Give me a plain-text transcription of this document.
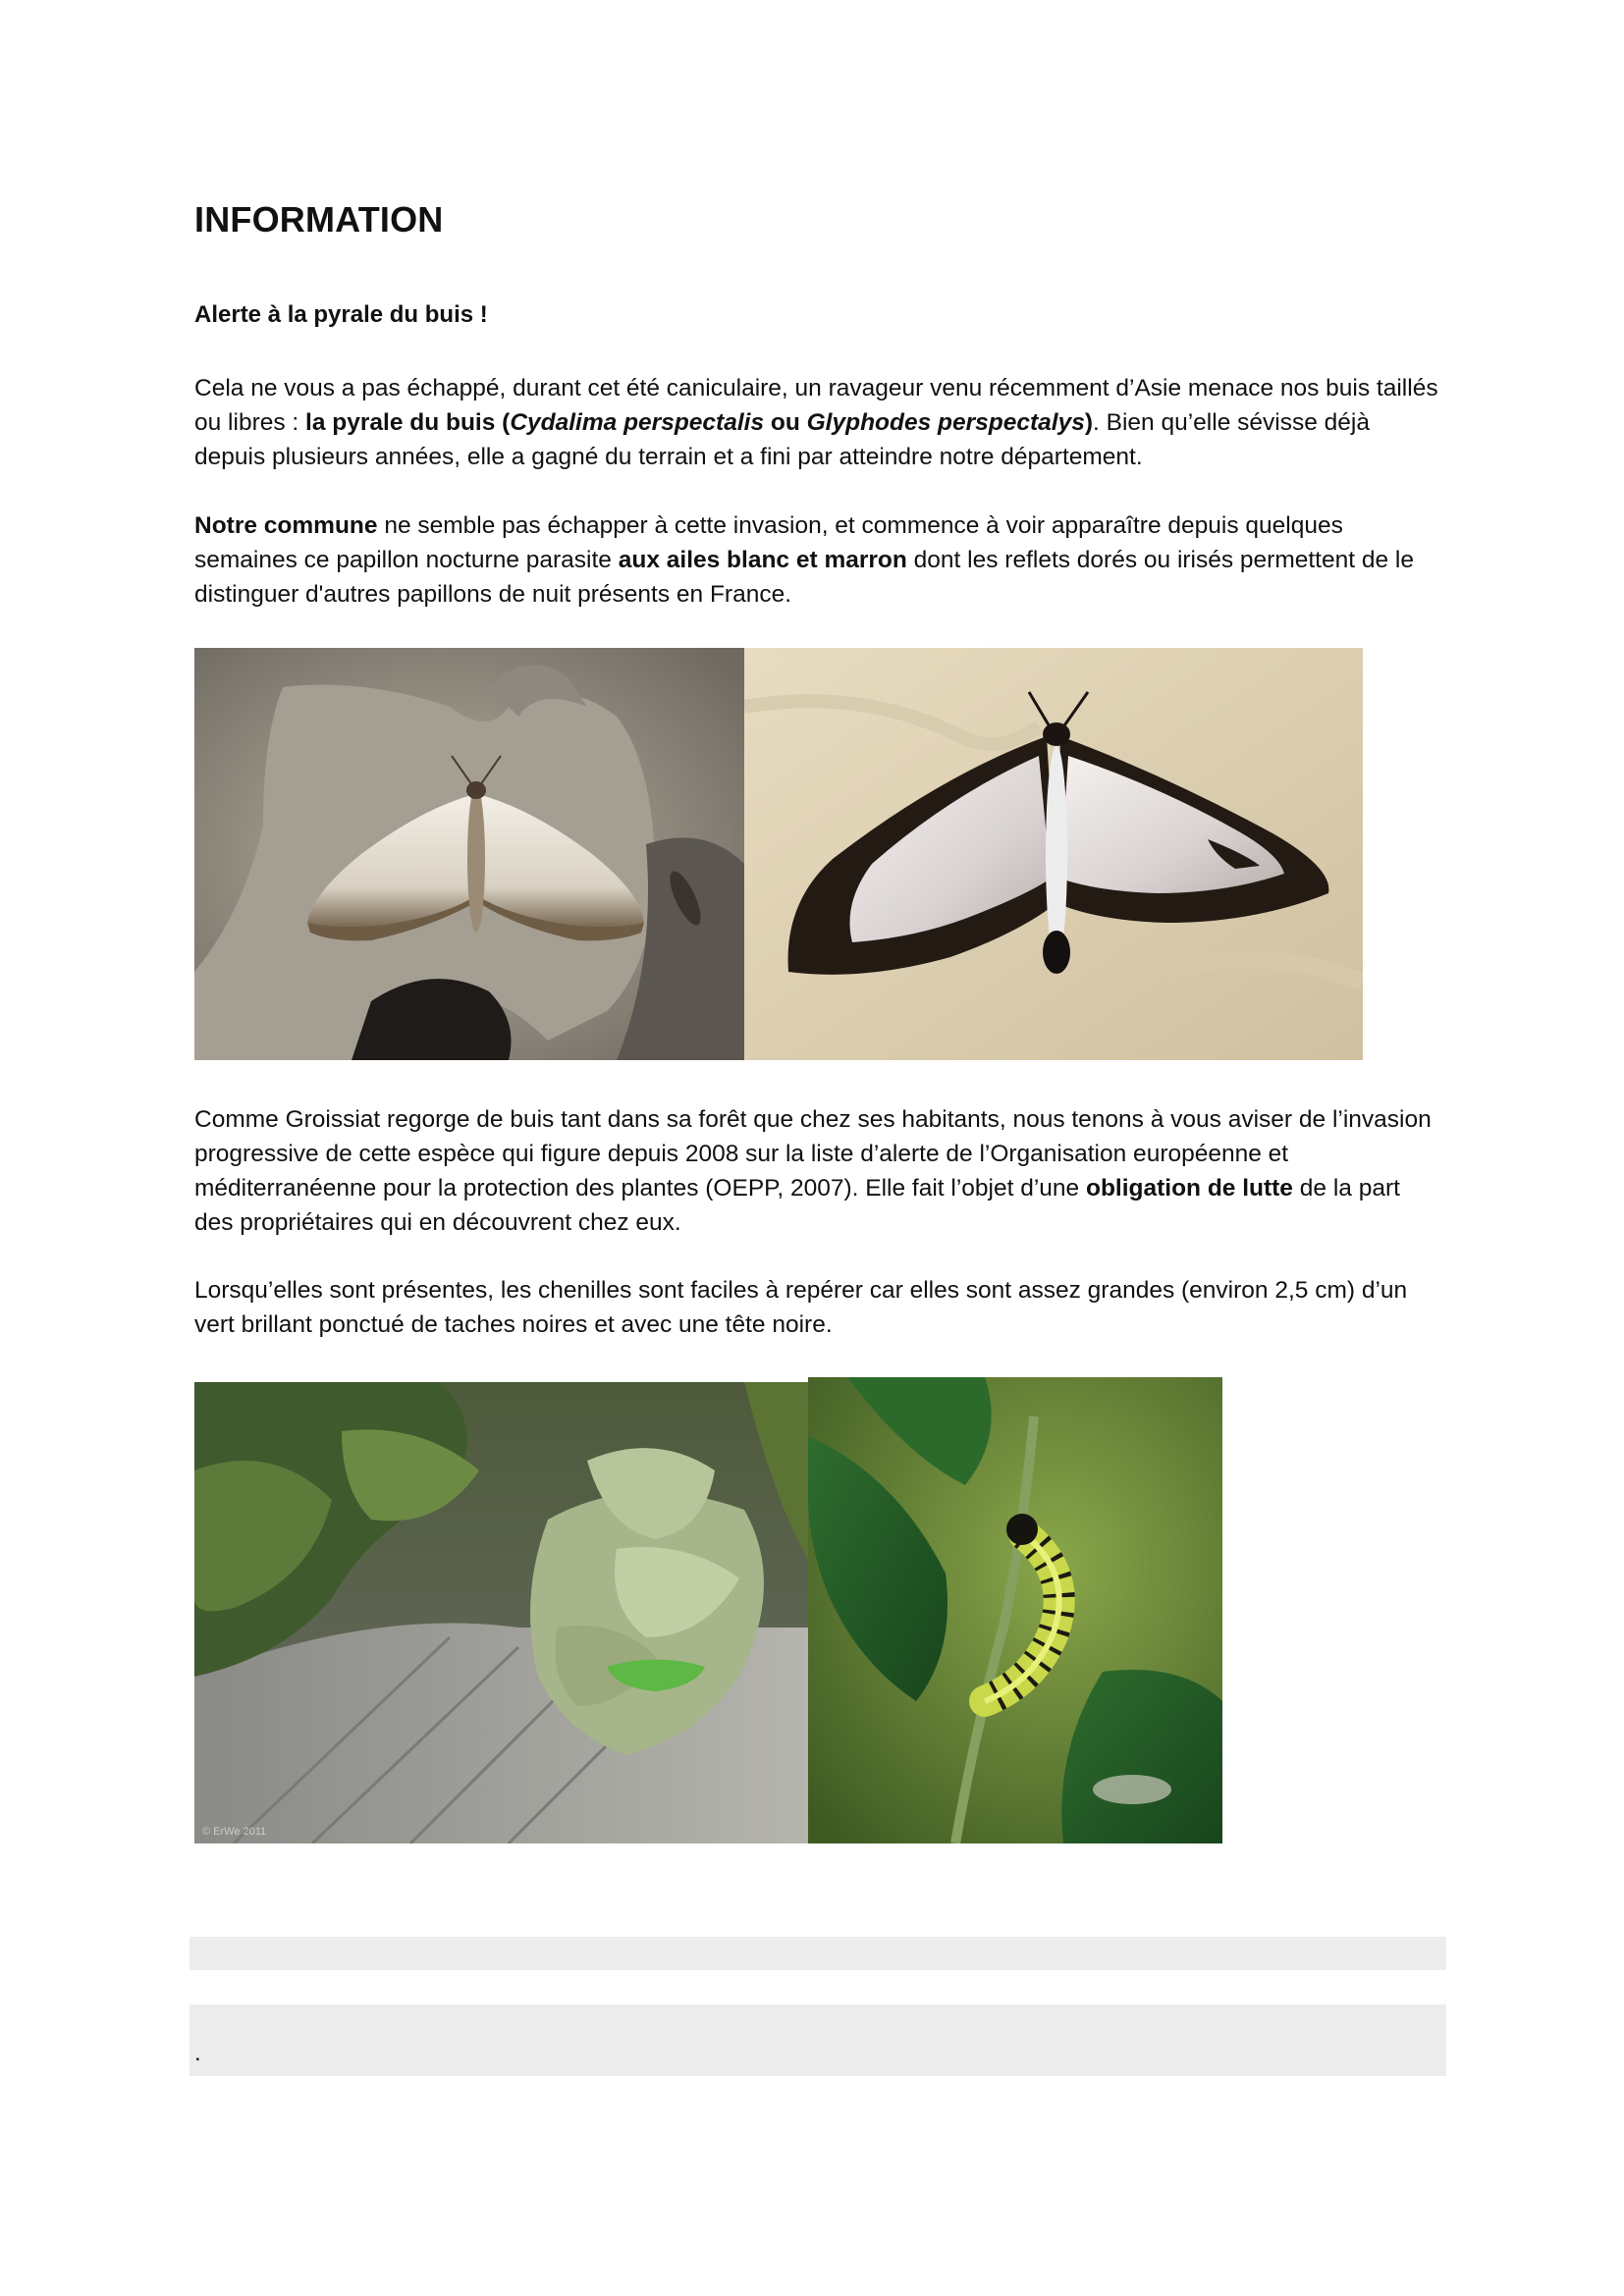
INFORMATION
Alerte à la pyrale du buis !
Cela ne vous a pas échappé, durant cet été caniculaire, un ravageur venu récemment d’Asie menace nos buis taillés ou libres : la pyrale du buis (Cydalima perspectalis ou Glyphodes perspectalys). Bien qu’elle sévisse déjà depuis plusieurs années, elle a gagné du terrain et a fini par atteindre notre département.
Notre commune ne semble pas échapper à cette invasion, et commence à voir apparaître depuis quelques semaines ce papillon nocturne parasite aux ailes blanc et marron dont les reflets dorés ou irisés permettent de le distinguer d'autres papillons de nuit présents en France.
Comme Groissiat regorge de buis tant dans sa forêt que chez ses habitants, nous tenons à vous aviser de l’invasion progressive de cette espèce qui figure depuis 2008 sur la liste d’alerte de l’Organisation européenne et méditerranéenne pour la protection des plantes (OEPP, 2007). Elle fait l’objet d’une obligation de lutte de la part des propriétaires qui en découvrent chez eux.
Lorsqu’elles sont présentes, les chenilles sont faciles à repérer car elles sont assez grandes (environ 2,5 cm) d’un vert brillant ponctué de taches noires et avec une tête noire.
© ErWe 2011
.
